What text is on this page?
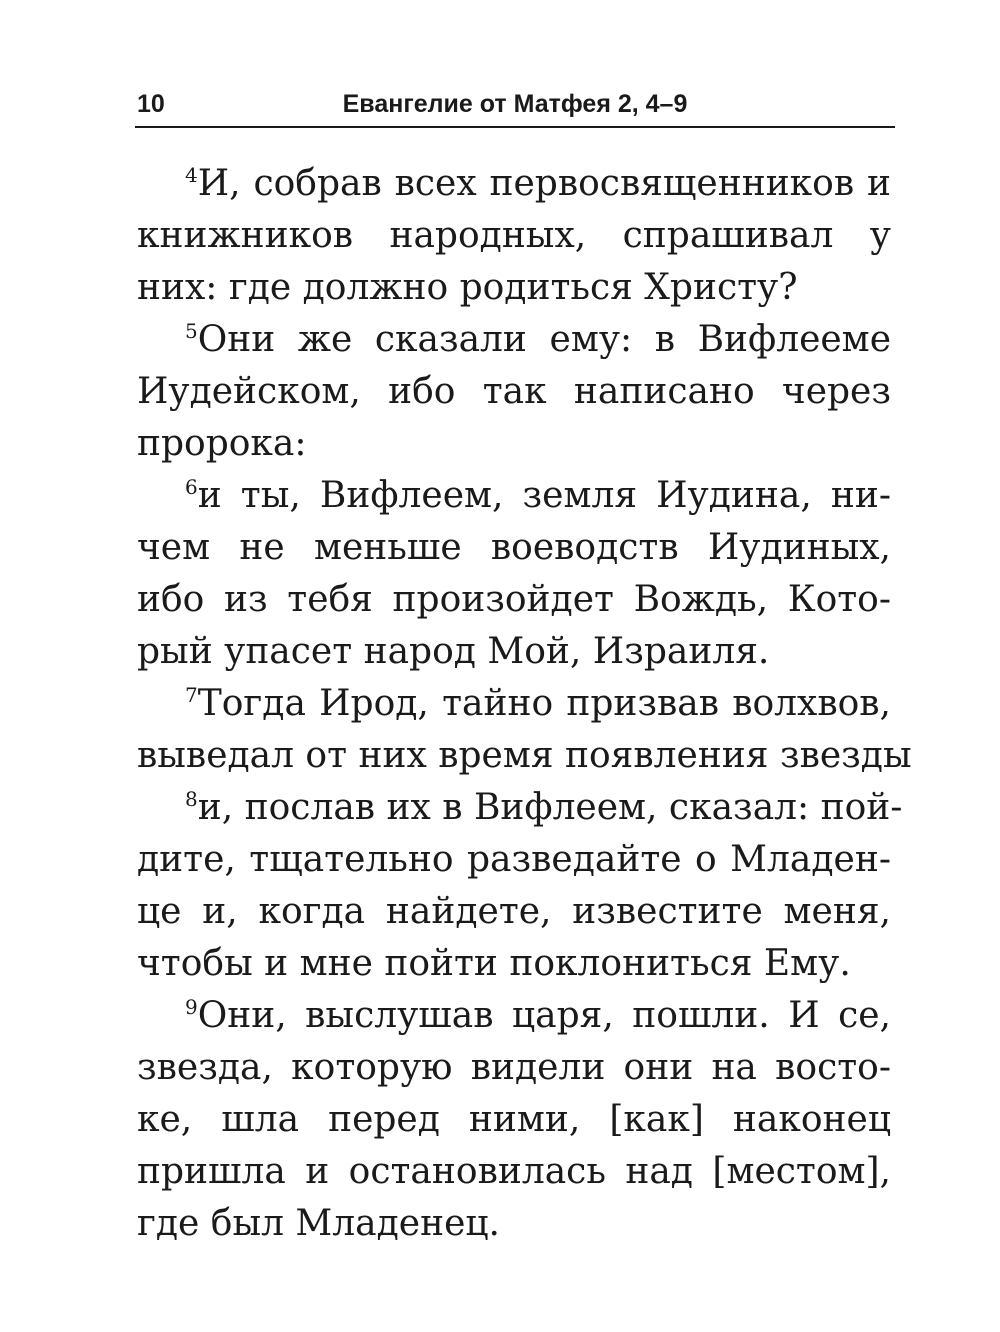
10	Евангелие от Матфея 2, 4–9
$^4$И, собрав всех первосвященников и
книжников народных, спрашивал у
них: где должно родиться Христу?
$^5$Они же сказали ему: в Вифлееме
Иудейском, ибо так написано через
пророка:
$^6$и ты, Вифлеем, земля Иудина, ни-
чем не меньше воеводств Иудиных,
ибо из тебя произойдет Вождь, Кото-
рый упасет народ Мой, Израиля.
$^7$Тогда Ирод, тайно призвав волхвов,
выведал от них время появления звезды
$^8$и, послав их в Вифлеем, сказал: пой-
дите, тщательно разведайте о Младен-
це и, когда найдете, известите меня,
чтобы и мне пойти поклониться Ему.
$^9$Они, выслушав царя, пошли. И се,
звезда, которую видели они на восто-
ке, шла перед ними, [как] наконец
пришла и остановилась над [местом],
где был Младенец.
